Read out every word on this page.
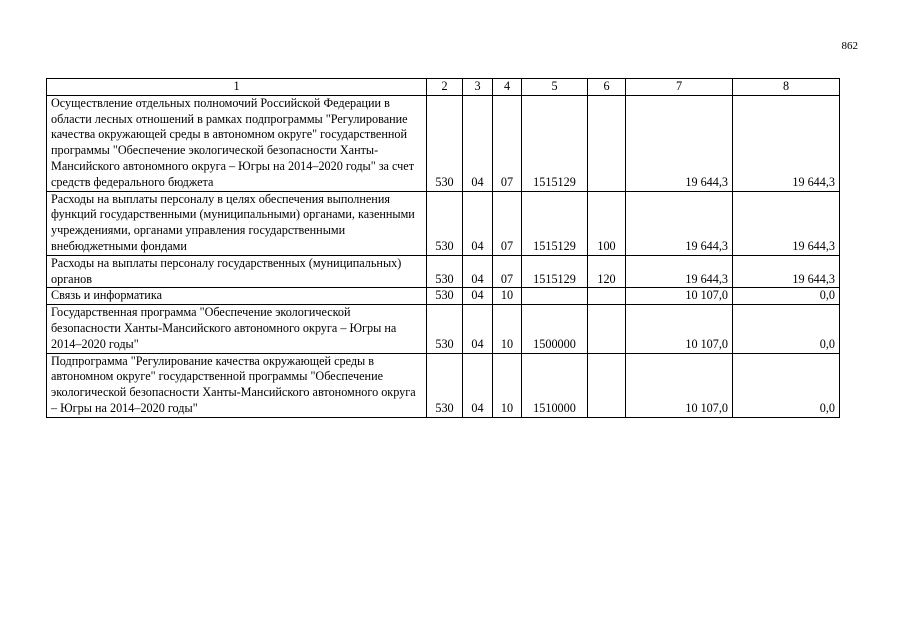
862
1	2	3	4	5	6	7	8
Осуществление отдельных полномочий Российской Федерации в области лесных отношений в рамках подпрограммы "Регулирование качества окружающей среды в автономном округе" государственной программы "Обеспечение экологической безопасности Ханты-Мансийского автономного округа – Югры на 2014–2020 годы" за счет средств федерального бюджета	530	04	07	1515129		19 644,3	19 644,3
Расходы на выплаты персоналу в целях обеспечения выполнения функций государственными (муниципальными) органами, казенными учреждениями, органами управления государственными внебюджетными фондами	530	04	07	1515129	100	19 644,3	19 644,3
Расходы на выплаты персоналу государственных (муниципальных) органов	530	04	07	1515129	120	19 644,3	19 644,3
Связь и информатика	530	04	10			10 107,0	0,0
Государственная программа "Обеспечение экологической безопасности Ханты-Мансийского автономного округа – Югры на 2014–2020 годы"	530	04	10	1500000		10 107,0	0,0
Подпрограмма "Регулирование качества окружающей среды в автономном округе" государственной программы "Обеспечение экологической безопасности Ханты-Мансийского автономного округа – Югры на 2014–2020 годы"	530	04	10	1510000		10 107,0	0,0
